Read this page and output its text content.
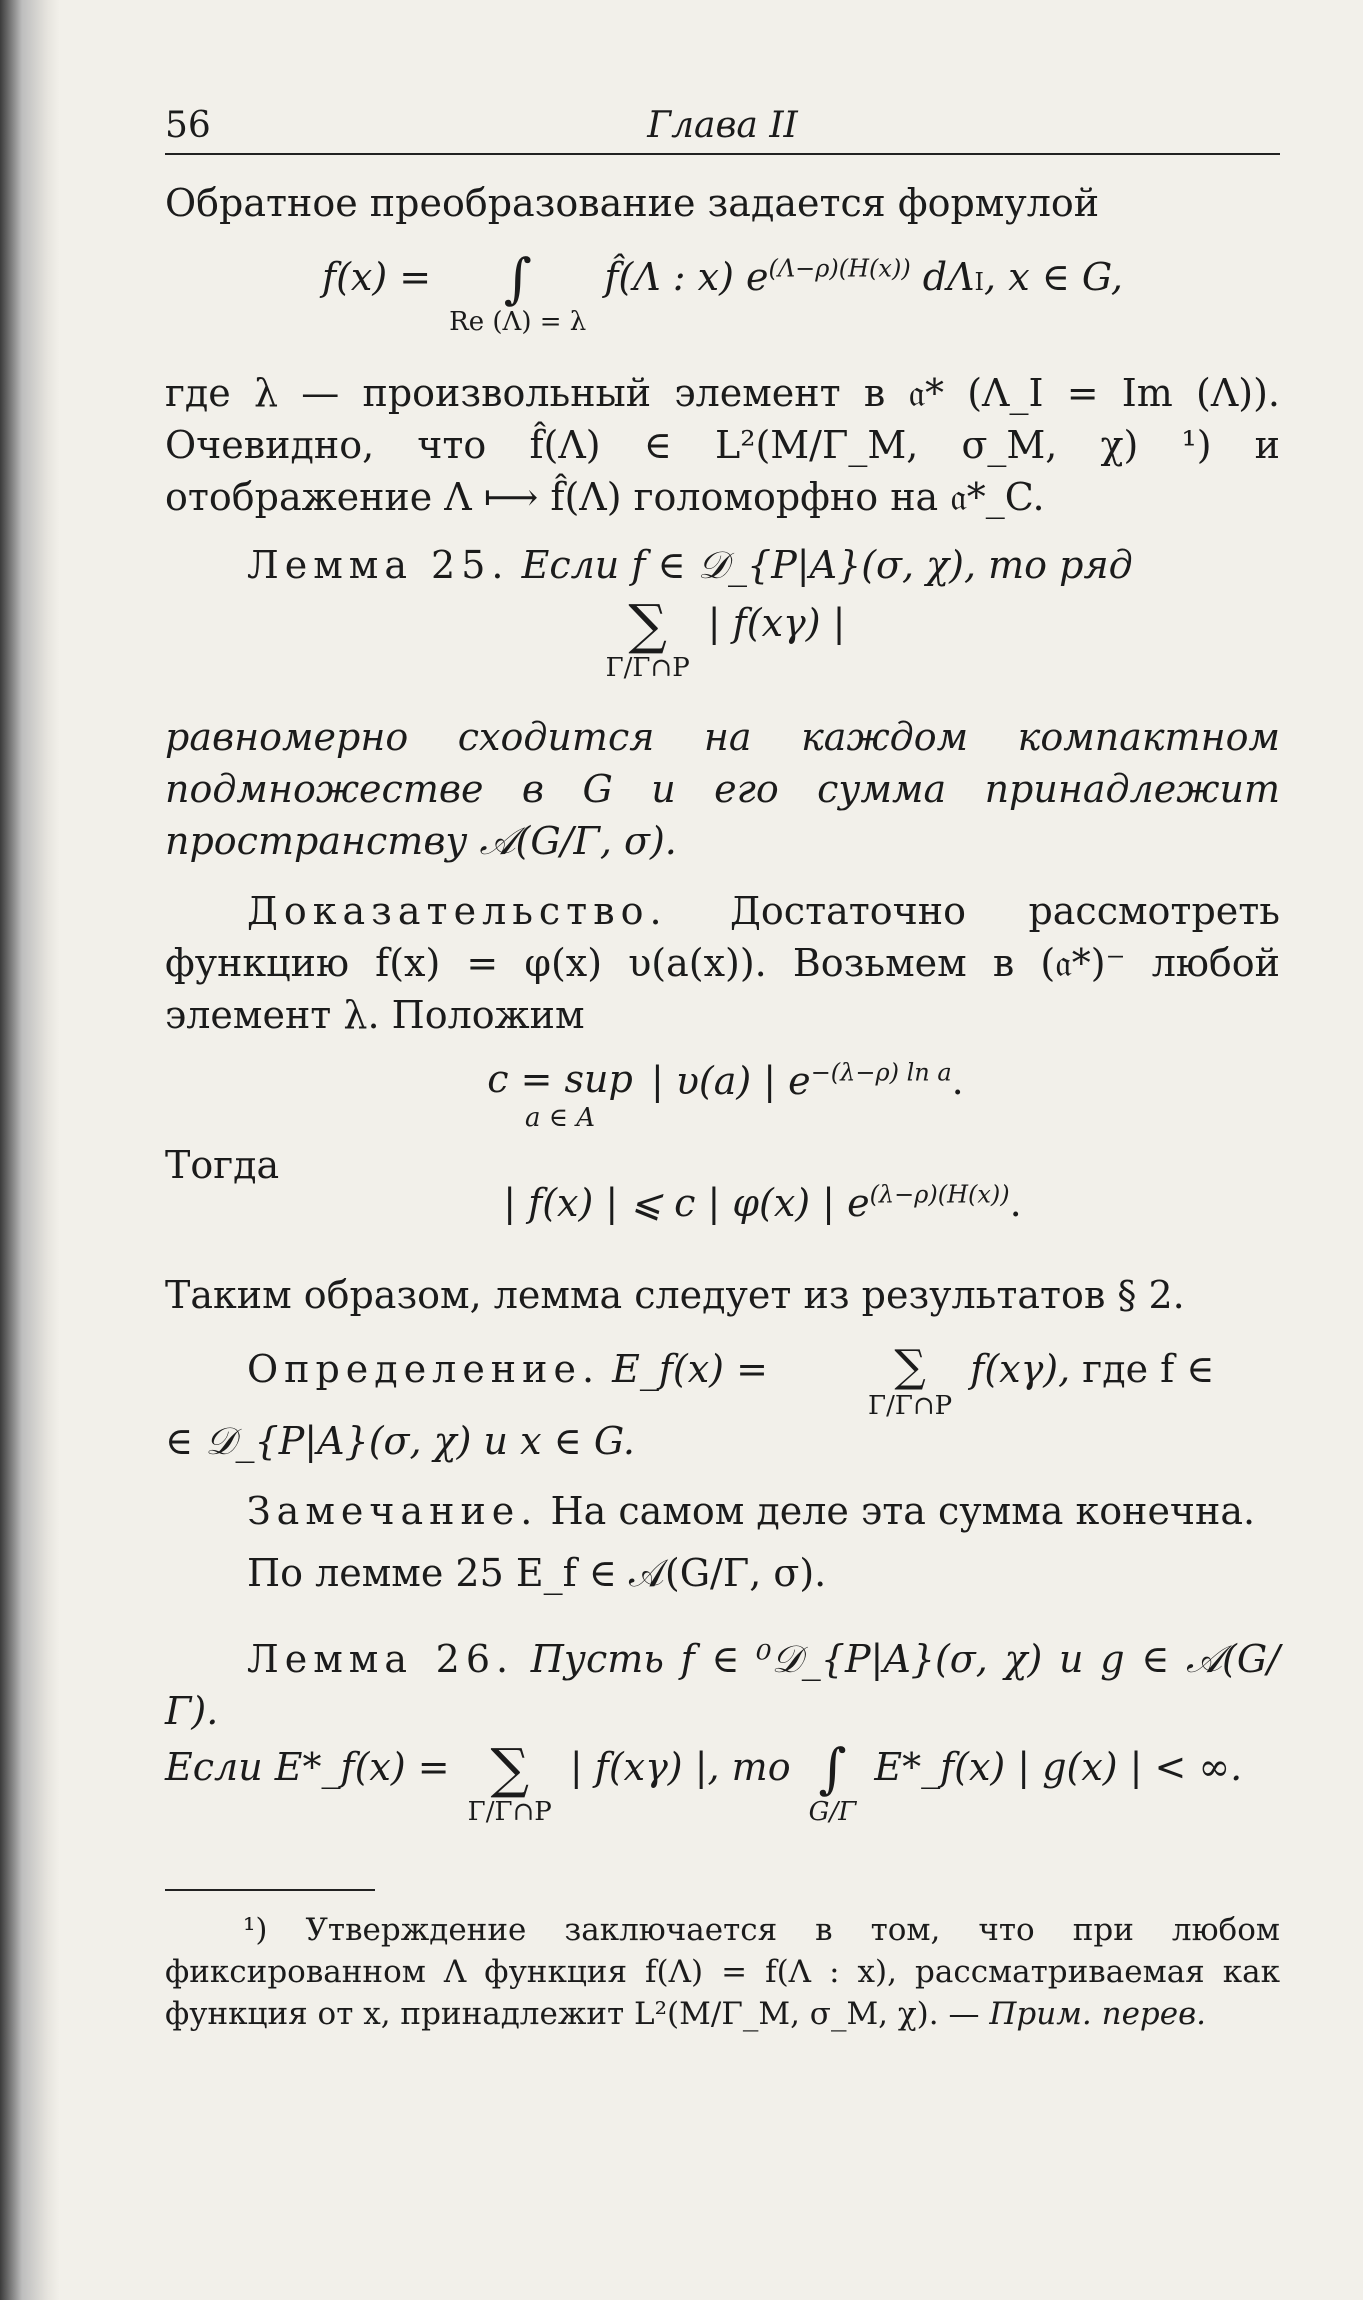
56	Глава II

Обратное преобразование задается формулой

f(x) = ∫
Re (Λ) = λ
f̂(Λ : x) $e^{(\Lambda-\rho)(H(x))}$ dΛI, x ∈ G,

где λ — произвольный элемент в 𝔞* (Λ_I = Im (Λ)). Очевидно, что f̂(Λ) ∈ L²(M/Γ_M, σ_M, χ) ¹) и отображение Λ ⟼ f̂(Λ) голоморфно на 𝔞*_C.

Лемма 25. Если f ∈ 𝒟_{P|A}(σ, χ), то ряд

∑
Γ/Γ∩P
| f(xγ) |

равномерно сходится на каждом компактном подмножестве в G и его сумма принадлежит пространству 𝒜(G/Γ, σ).

Доказательство. Достаточно рассмотреть функцию f(x) = φ(x) υ(a(x)). Возьмем в (𝔞*)⁻ любой элемент λ. Положим

c = sup
a ∈ A
| υ(a) | $e^{-(\lambda-\rho) ln a}$.

Тогда

| f(x) | ⩽ c | φ(x) | $e^{(\lambda-\rho)(H(x))}$.

Таким образом, лемма следует из результатов § 2.

Определение. E_f(x) =	∑
Γ/Γ∩P
f(xγ), где f ∈

∈ 𝒟_{P|A}(σ, χ) и x ∈ G.

Замечание. На самом деле эта сумма конечна.

По лемме 25 E_f ∈ 𝒜(G/Γ, σ).

Лемма 26. Пусть f ∈ ⁰𝒟_{P|A}(σ, χ) и g ∈ 𝒜(G/Γ).

Если E*_f(x) = ∑
Γ/Γ∩P
| f(xγ) |, то ∫
G/Γ
E*_f(x) | g(x) | < ∞.

¹) Утверждение заключается в том, что при любом фиксированном Λ функция f(Λ) = f(Λ : x), рассматриваемая как функция от x, принадлежит L²(M/Γ_M, σ_M, χ). — Прим. перев.
